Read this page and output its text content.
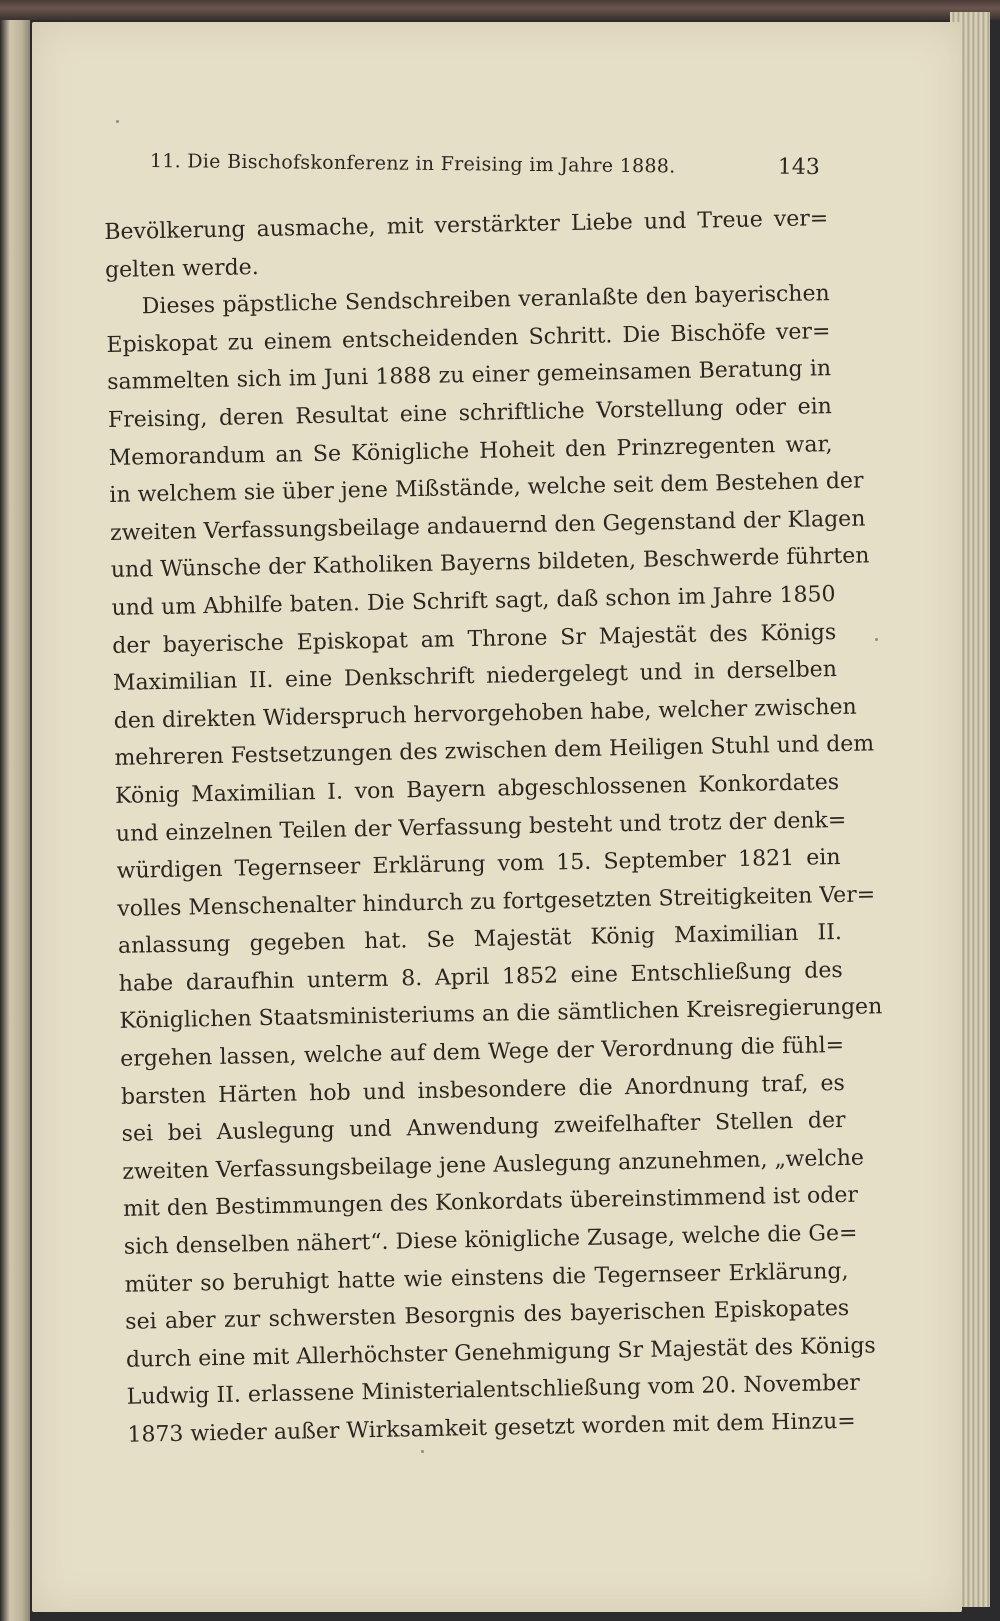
11. Die Bischofskonferenz in Freising im Jahre 1888.	143
Bevölkerung ausmache, mit verstärkter Liebe und Treue ver=
gelten werde.
Dieses päpstliche Sendschreiben veranlaßte den bayerischen
Episkopat zu einem entscheidenden Schritt. Die Bischöfe ver=
sammelten sich im Juni 1888 zu einer gemeinsamen Beratung in
Freising, deren Resultat eine schriftliche Vorstellung oder ein
Memorandum an Se Königliche Hoheit den Prinzregenten war,
in welchem sie über jene Mißstände, welche seit dem Bestehen der
zweiten Verfassungsbeilage andauernd den Gegenstand der Klagen
und Wünsche der Katholiken Bayerns bildeten, Beschwerde führten
und um Abhilfe baten. Die Schrift sagt, daß schon im Jahre 1850
der bayerische Episkopat am Throne Sr Majestät des Königs
Maximilian II. eine Denkschrift niedergelegt und in derselben
den direkten Widerspruch hervorgehoben habe, welcher zwischen
mehreren Festsetzungen des zwischen dem Heiligen Stuhl und dem
König Maximilian I. von Bayern abgeschlossenen Konkordates
und einzelnen Teilen der Verfassung besteht und trotz der denk=
würdigen Tegernseer Erklärung vom 15. September 1821 ein
volles Menschenalter hindurch zu fortgesetzten Streitigkeiten Ver=
anlassung gegeben hat. Se Majestät König Maximilian II.
habe daraufhin unterm 8. April 1852 eine Entschließung des
Königlichen Staatsministeriums an die sämtlichen Kreisregierungen
ergehen lassen, welche auf dem Wege der Verordnung die fühl=
barsten Härten hob und insbesondere die Anordnung traf, es
sei bei Auslegung und Anwendung zweifelhafter Stellen der
zweiten Verfassungsbeilage jene Auslegung anzunehmen, „welche
mit den Bestimmungen des Konkordats übereinstimmend ist oder
sich denselben nähert“. Diese königliche Zusage, welche die Ge=
müter so beruhigt hatte wie einstens die Tegernseer Erklärung,
sei aber zur schwersten Besorgnis des bayerischen Episkopates
durch eine mit Allerhöchster Genehmigung Sr Majestät des Königs
Ludwig II. erlassene Ministerialentschließung vom 20. November
1873 wieder außer Wirksamkeit gesetzt worden mit dem Hinzu=
